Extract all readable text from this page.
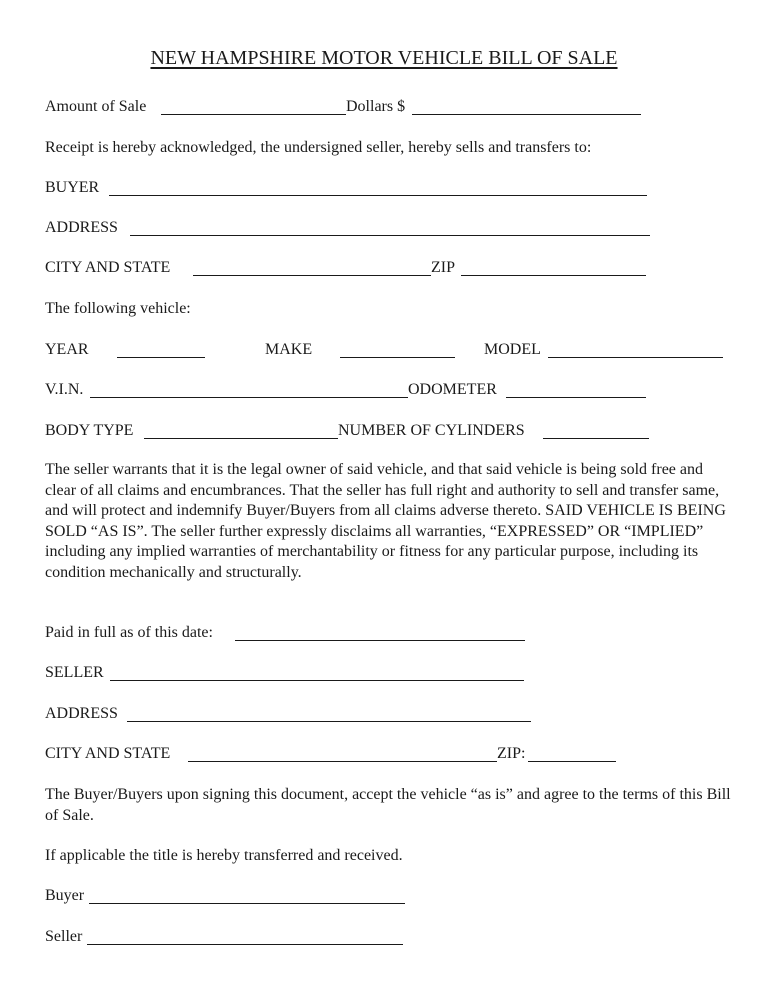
NEW HAMPSHIRE MOTOR VEHICLE BILL OF SALE
Amount of Sale	Dollars $
Receipt is hereby acknowledged, the undersigned seller, hereby sells and transfers to:
BUYER
ADDRESS
CITY AND STATE	ZIP
The following vehicle:
YEAR	MAKE	MODEL
V.I.N.	ODOMETER
BODY TYPE	NUMBER OF CYLINDERS
The seller warrants that it is the legal owner of said vehicle, and that said vehicle is being sold free and clear of all claims and encumbrances. That the seller has full right and authority to sell and transfer same, and will protect and indemnify Buyer/Buyers from all claims adverse thereto. SAID VEHICLE IS BEING SOLD “AS IS”. The seller further expressly disclaims all warranties, “EXPRESSED” OR “IMPLIED” including any implied warranties of merchantability or fitness for any particular purpose, including its condition mechanically and structurally.
Paid in full as of this date:
SELLER
ADDRESS
CITY AND STATE	ZIP:
The Buyer/Buyers upon signing this document, accept the vehicle “as is” and agree to the terms of this Bill of Sale.
If applicable the title is hereby transferred and received.
Buyer
Seller
